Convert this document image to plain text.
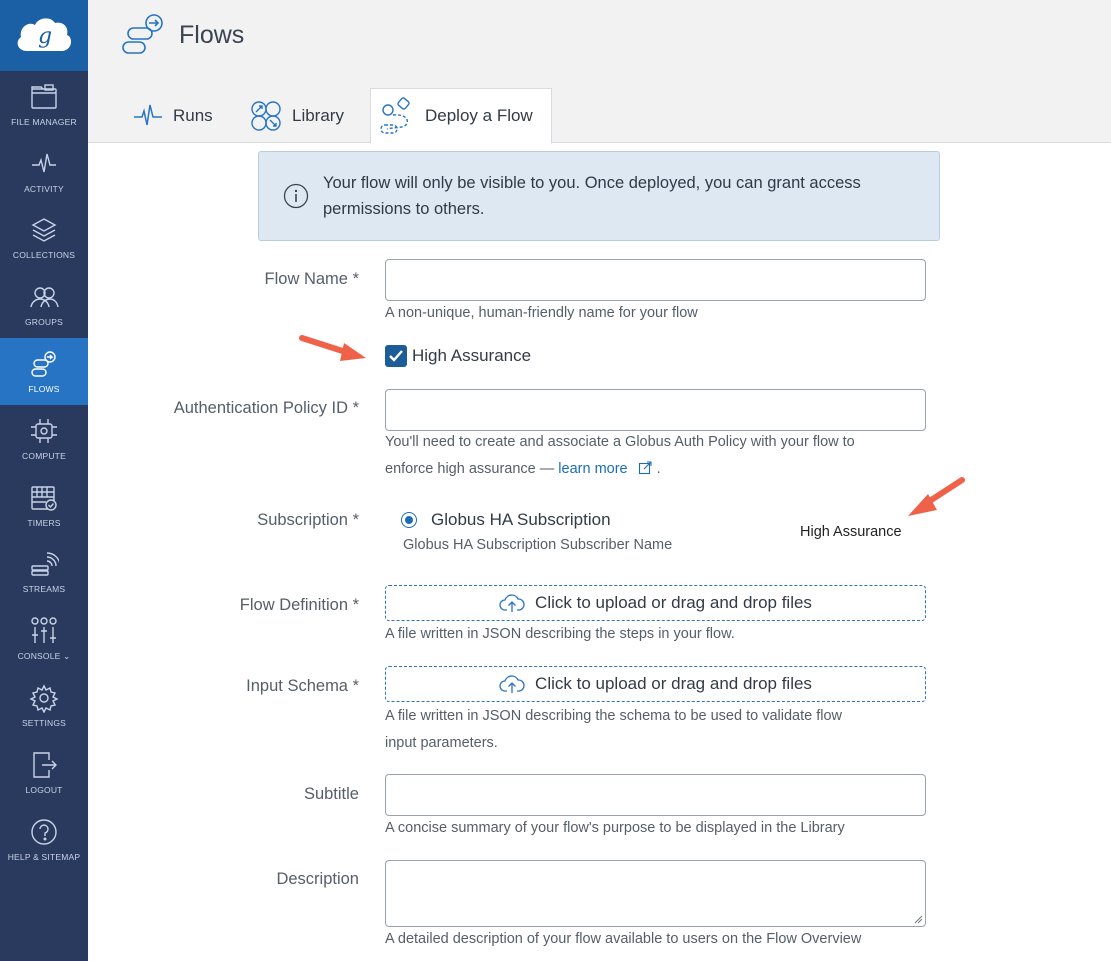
g
FILE MANAGER
ACTIVITY
COLLECTIONS
GROUPS
FLOWS
COMPUTE
TIMERS
STREAMS
CONSOLE ⌄
SETTINGS
LOGOUT
HELP & SITEMAP
Flows
Runs	Library	Deploy a Flow
Your flow will only be visible to you. Once deployed, you can grant access permissions to others.
Flow Name *
A non-unique, human-friendly name for your flow
High Assurance
Authentication Policy ID *
You'll need to create and associate a Globus Auth Policy with your flow to
enforce high assurance — learn more .
Subscription *	Globus HA Subscription
Globus HA Subscription Subscriber Name
High Assurance
Flow Definition *	Click to upload or drag and drop files
A file written in JSON describing the steps in your flow.
Input Schema *	Click to upload or drag and drop files
A file written in JSON describing the schema to be used to validate flow
input parameters.
Subtitle
A concise summary of your flow's purpose to be displayed in the Library
Description
A detailed description of your flow available to users on the Flow Overview
